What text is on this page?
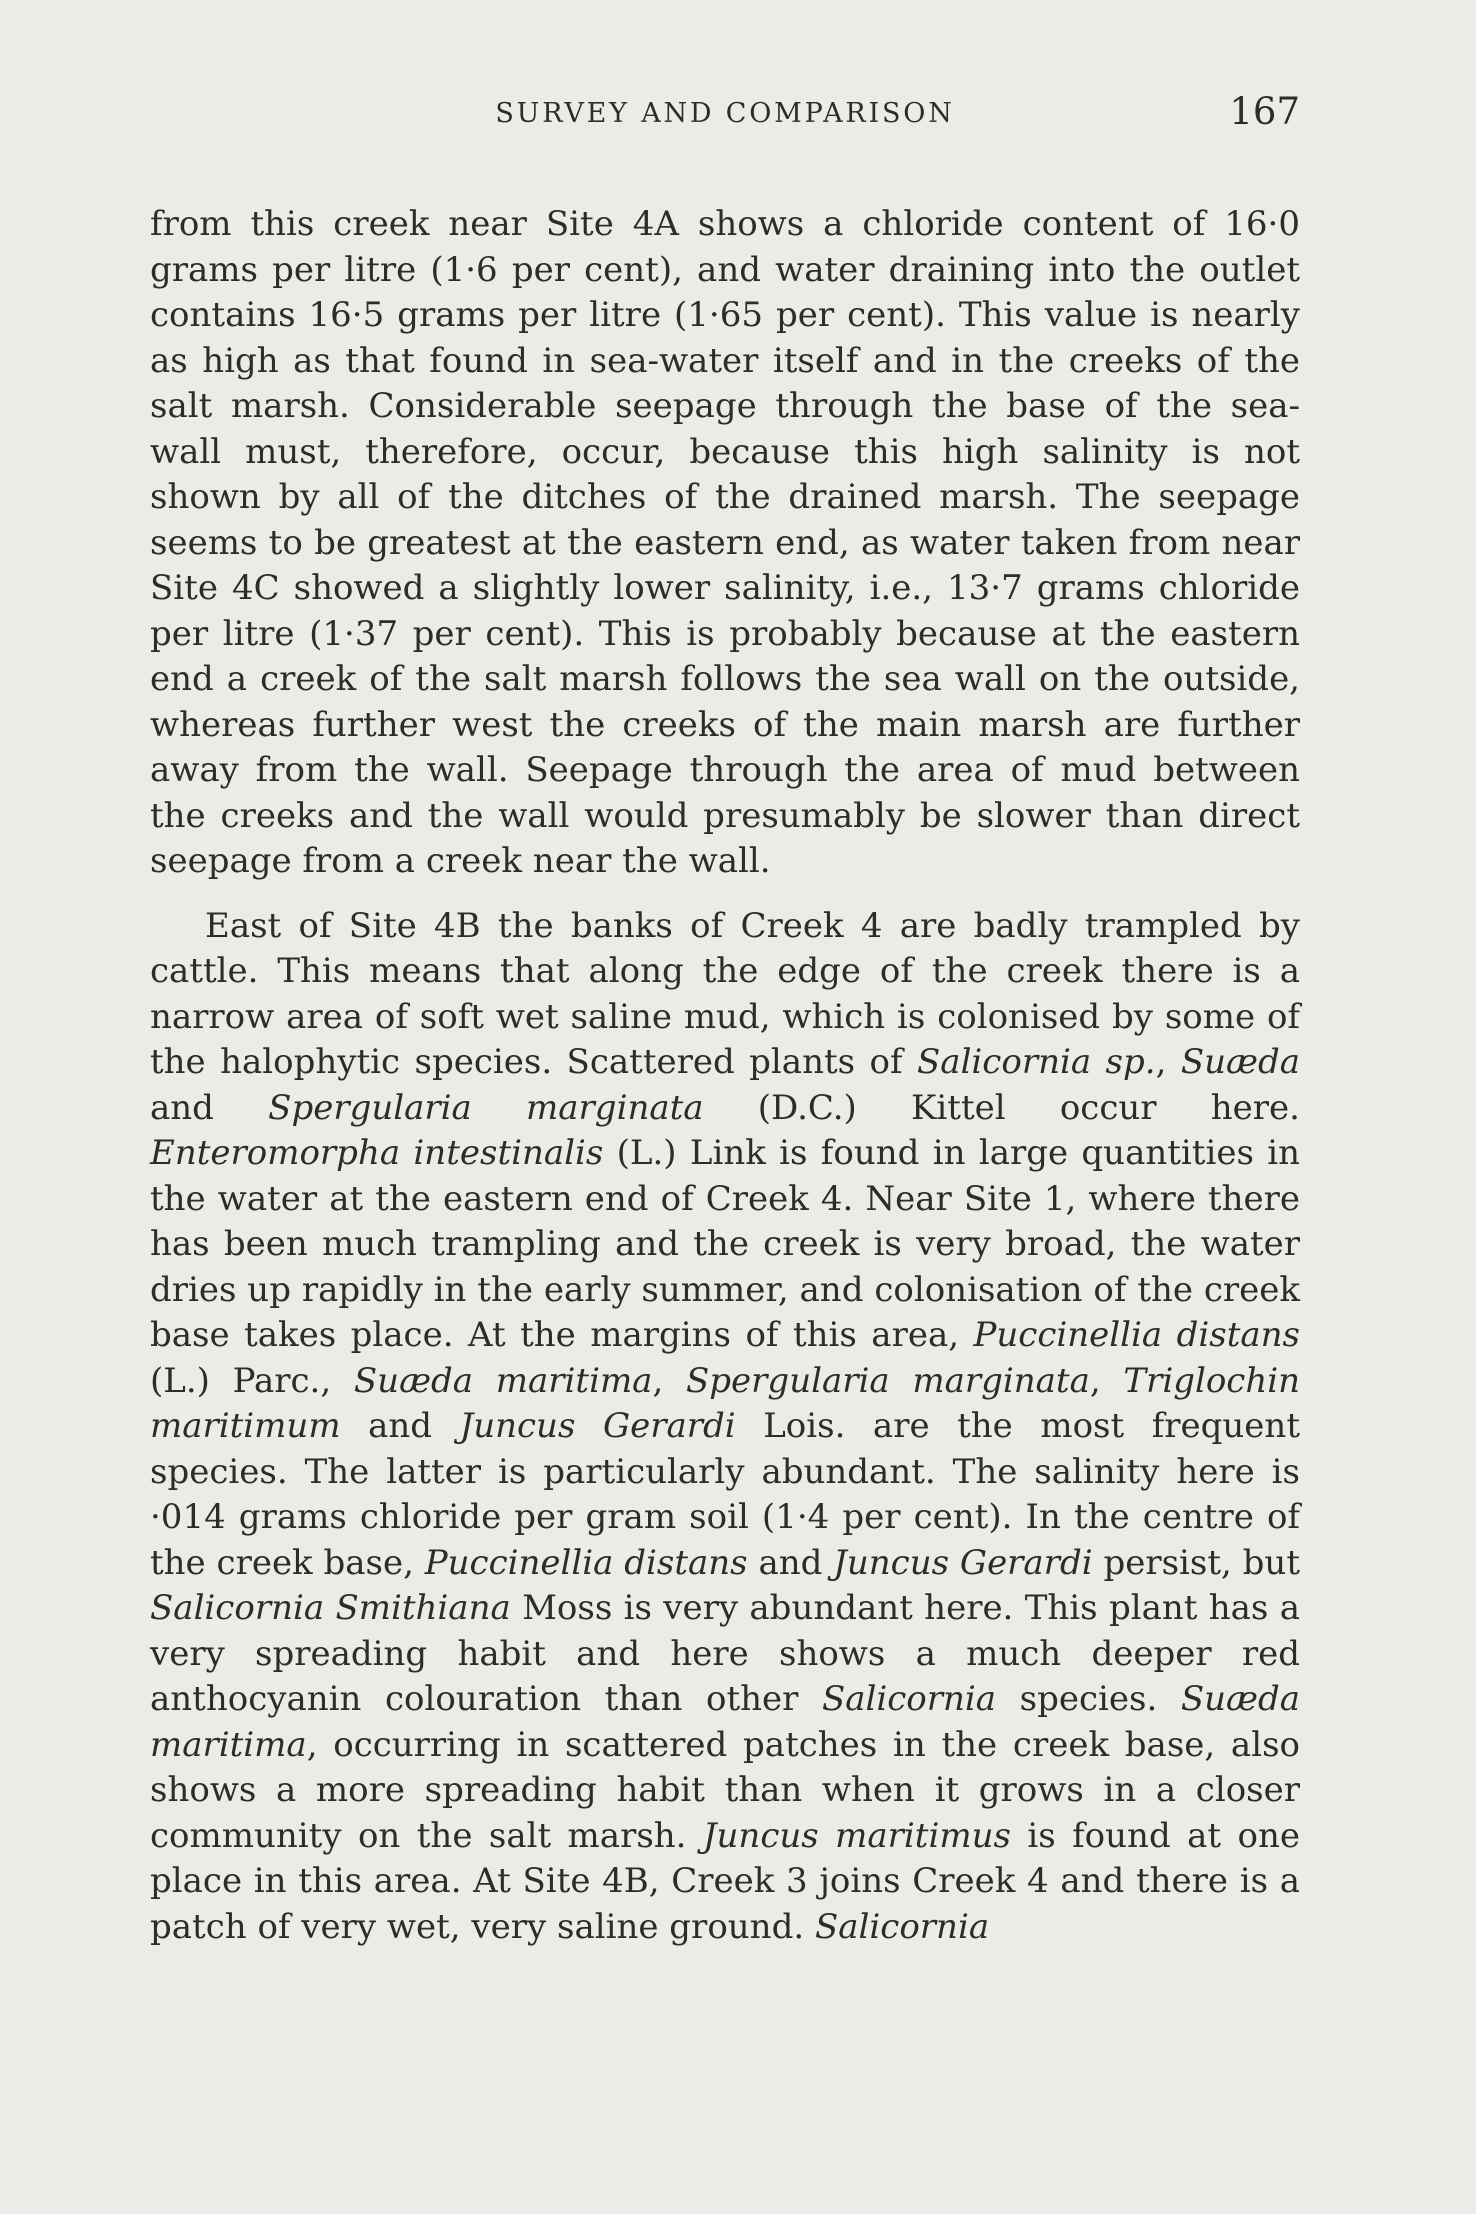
SURVEY AND COMPARISON	167

from this creek near Site 4A shows a chloride content of 16·0 grams per litre (1·6 per cent), and water draining into the outlet contains 16·5 grams per litre (1·65 per cent). This value is nearly as high as that found in sea-water itself and in the creeks of the salt marsh. Considerable seepage through the base of the sea-wall must, therefore, occur, because this high salinity is not shown by all of the ditches of the drained marsh. The seepage seems to be greatest at the eastern end, as water taken from near Site 4C showed a slightly lower salinity, i.e., 13·7 grams chloride per litre (1·37 per cent). This is probably because at the eastern end a creek of the salt marsh follows the sea wall on the outside, whereas further west the creeks of the main marsh are further away from the wall. Seepage through the area of mud between the creeks and the wall would presumably be slower than direct seepage from a creek near the wall.

East of Site 4B the banks of Creek 4 are badly trampled by cattle. This means that along the edge of the creek there is a narrow area of soft wet saline mud, which is colonised by some of the halophytic species. Scattered plants of Salicornia sp., Suæda and Spergularia marginata (D.C.) Kittel occur here. Enteromorpha intestinalis (L.) Link is found in large quantities in the water at the eastern end of Creek 4. Near Site 1, where there has been much trampling and the creek is very broad, the water dries up rapidly in the early summer, and colonisation of the creek base takes place. At the margins of this area, Puccinellia distans (L.) Parc., Suæda maritima, Spergularia marginata, Triglochin maritimum and Juncus Gerardi Lois. are the most frequent species. The latter is particularly abundant. The salinity here is ·014 grams chloride per gram soil (1·4 per cent). In the centre of the creek base, Puccinellia distans and Juncus Gerardi persist, but Salicornia Smithiana Moss is very abundant here. This plant has a very spreading habit and here shows a much deeper red anthocyanin colouration than other Salicornia species. Suæda maritima, occurring in scattered patches in the creek base, also shows a more spreading habit than when it grows in a closer community on the salt marsh. Juncus maritimus is found at one place in this area. At Site 4B, Creek 3 joins Creek 4 and there is a patch of very wet, very saline ground. Salicornia
